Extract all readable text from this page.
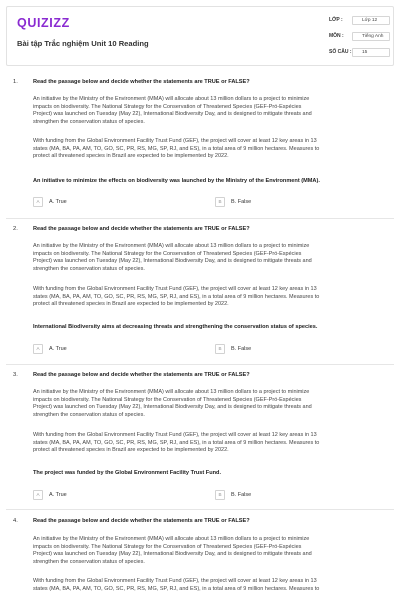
QUIZIZZ
Bài tập Trắc nghiệm Unit 10 Reading
LỚP :	Lớp 12
MÔN :	Tiếng Anh
SỐ CÂU :	15
1.	Read the passage below and decide whether the statements are TRUE or FALSE?
An initiative by the Ministry of the Environment (MMA) will allocate about 13 million dollars to a project to minimize
impacts on biodiversity. The National Strategy for the Conservation of Threatened Species (GEF-Pró-Espécies
Project) was launched on Tuesday (May 22), International Biodiversity Day, and is designed to mitigate threats and
strengthen the conservation status of species.
With funding from the Global Environment Facility Trust Fund (GEF), the project will cover at least 12 key areas in 13
states (MA, BA, PA, AM, TO, GO, SC, PR, RS, MG, SP, RJ, and ES), in a total area of 9 million hectares. Measures to
protect all threatened species in Brazil are expected to be implemented by 2022.
An initiative to minimize the effects on biodiversity was launched by the Ministry of the Environment (MMA).
A	A. True	B	B. False
2.	Read the passage below and decide whether the statements are TRUE or FALSE?
An initiative by the Ministry of the Environment (MMA) will allocate about 13 million dollars to a project to minimize
impacts on biodiversity. The National Strategy for the Conservation of Threatened Species (GEF-Pró-Espécies
Project) was launched on Tuesday (May 22), International Biodiversity Day, and is designed to mitigate threats and
strengthen the conservation status of species.
With funding from the Global Environment Facility Trust Fund (GEF), the project will cover at least 12 key areas in 13
states (MA, BA, PA, AM, TO, GO, SC, PR, RS, MG, SP, RJ, and ES), in a total area of 9 million hectares. Measures to
protect all threatened species in Brazil are expected to be implemented by 2022.
International Biodiversity aims at decreasing threats and strengthening the conservation status of species.
A	A. True	B	B. False
3.	Read the passage below and decide whether the statements are TRUE or FALSE?
An initiative by the Ministry of the Environment (MMA) will allocate about 13 million dollars to a project to minimize
impacts on biodiversity. The National Strategy for the Conservation of Threatened Species (GEF-Pró-Espécies
Project) was launched on Tuesday (May 22), International Biodiversity Day, and is designed to mitigate threats and
strengthen the conservation status of species.
With funding from the Global Environment Facility Trust Fund (GEF), the project will cover at least 12 key areas in 13
states (MA, BA, PA, AM, TO, GO, SC, PR, RS, MG, SP, RJ, and ES), in a total area of 9 million hectares. Measures to
protect all threatened species in Brazil are expected to be implemented by 2022.
The project was funded by the Global Environment Facility Trust Fund.
A	A. True	B	B. False
4.	Read the passage below and decide whether the statements are TRUE or FALSE?
An initiative by the Ministry of the Environment (MMA) will allocate about 13 million dollars to a project to minimize
impacts on biodiversity. The National Strategy for the Conservation of Threatened Species (GEF-Pró-Espécies
Project) was launched on Tuesday (May 22), International Biodiversity Day, and is designed to mitigate threats and
strengthen the conservation status of species.
With funding from the Global Environment Facility Trust Fund (GEF), the project will cover at least 12 key areas in 13
states (MA, BA, PA, AM, TO, GO, SC, PR, RS, MG, SP, RJ, and ES), in a total area of 9 million hectares. Measures to
